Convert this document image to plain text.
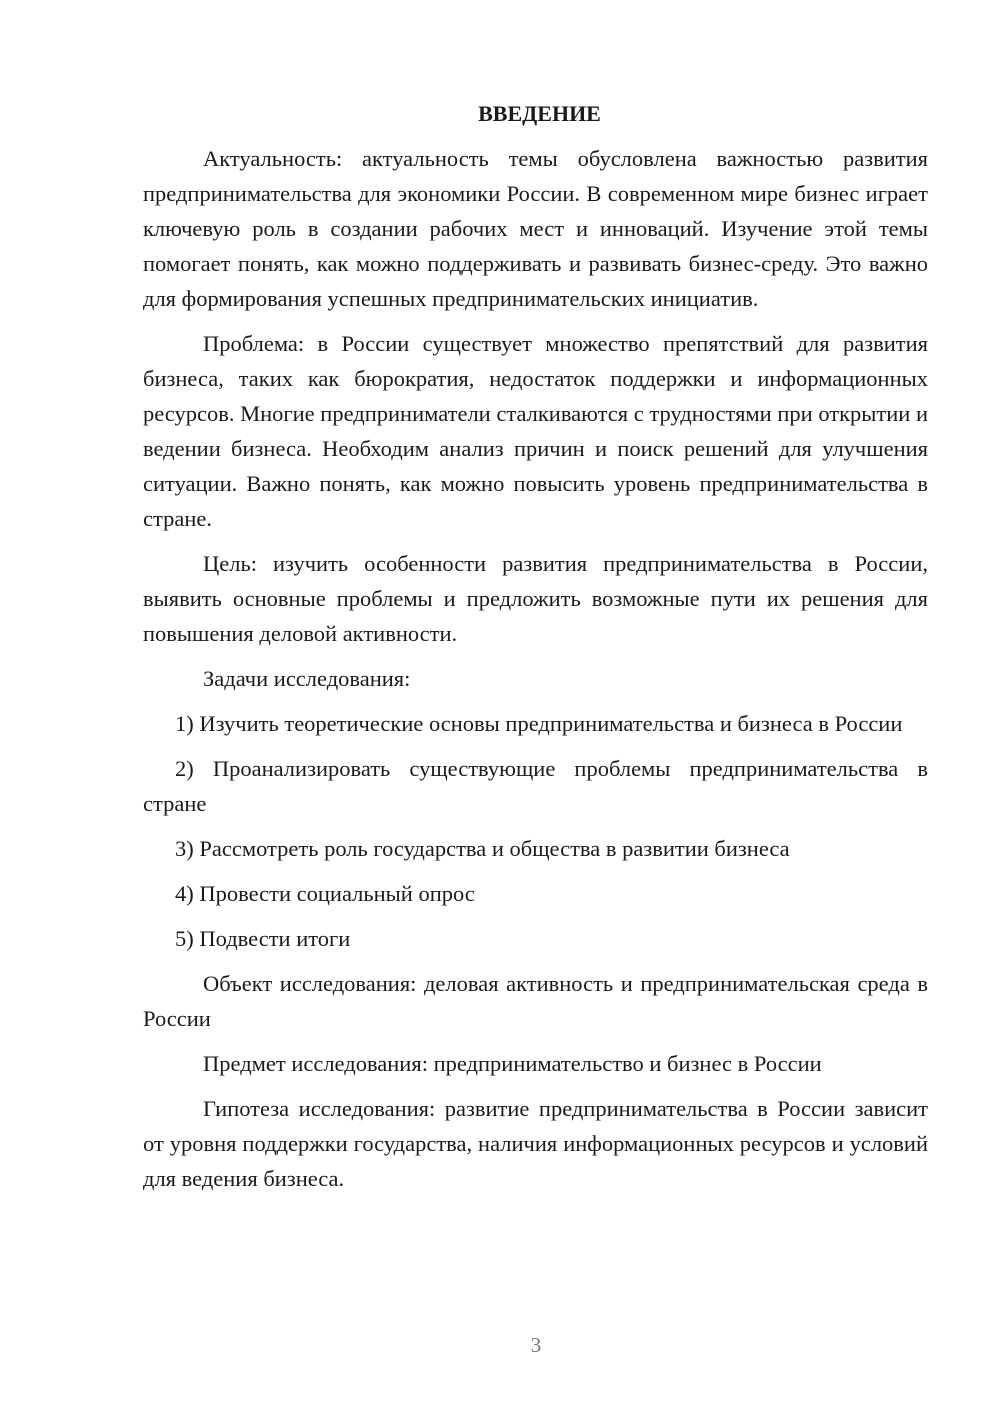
ВВЕДЕНИЕ

Актуальность: актуальность темы обусловлена важностью развития предпринимательства для экономики России. В современном мире бизнес играет ключевую роль в создании рабочих мест и инноваций. Изучение этой темы помогает понять, как можно поддерживать и развивать бизнес-среду. Это важно для формирования успешных предпринимательских инициатив.

Проблема: в России существует множество препятствий для развития бизнеса, таких как бюрократия, недостаток поддержки и информационных ресурсов. Многие предприниматели сталкиваются с трудностями при открытии и ведении бизнеса. Необходим анализ причин и поиск решений для улучшения ситуации. Важно понять, как можно повысить уровень предпринимательства в стране.

Цель: изучить особенности развития предпринимательства в России, выявить основные проблемы и предложить возможные пути их решения для повышения деловой активности.

Задачи исследования:

1) Изучить теоретические основы предпринимательства и бизнеса в России

2) Проанализировать существующие проблемы предпринимательства в стране

3) Рассмотреть роль государства и общества в развитии бизнеса

4) Провести социальный опрос

5) Подвести итоги

Объект исследования: деловая активность и предпринимательская среда в России

Предмет исследования: предпринимательство и бизнес в России

Гипотеза исследования: развитие предпринимательства в России зависит от уровня поддержки государства, наличия информационных ресурсов и условий для ведения бизнеса.

3
